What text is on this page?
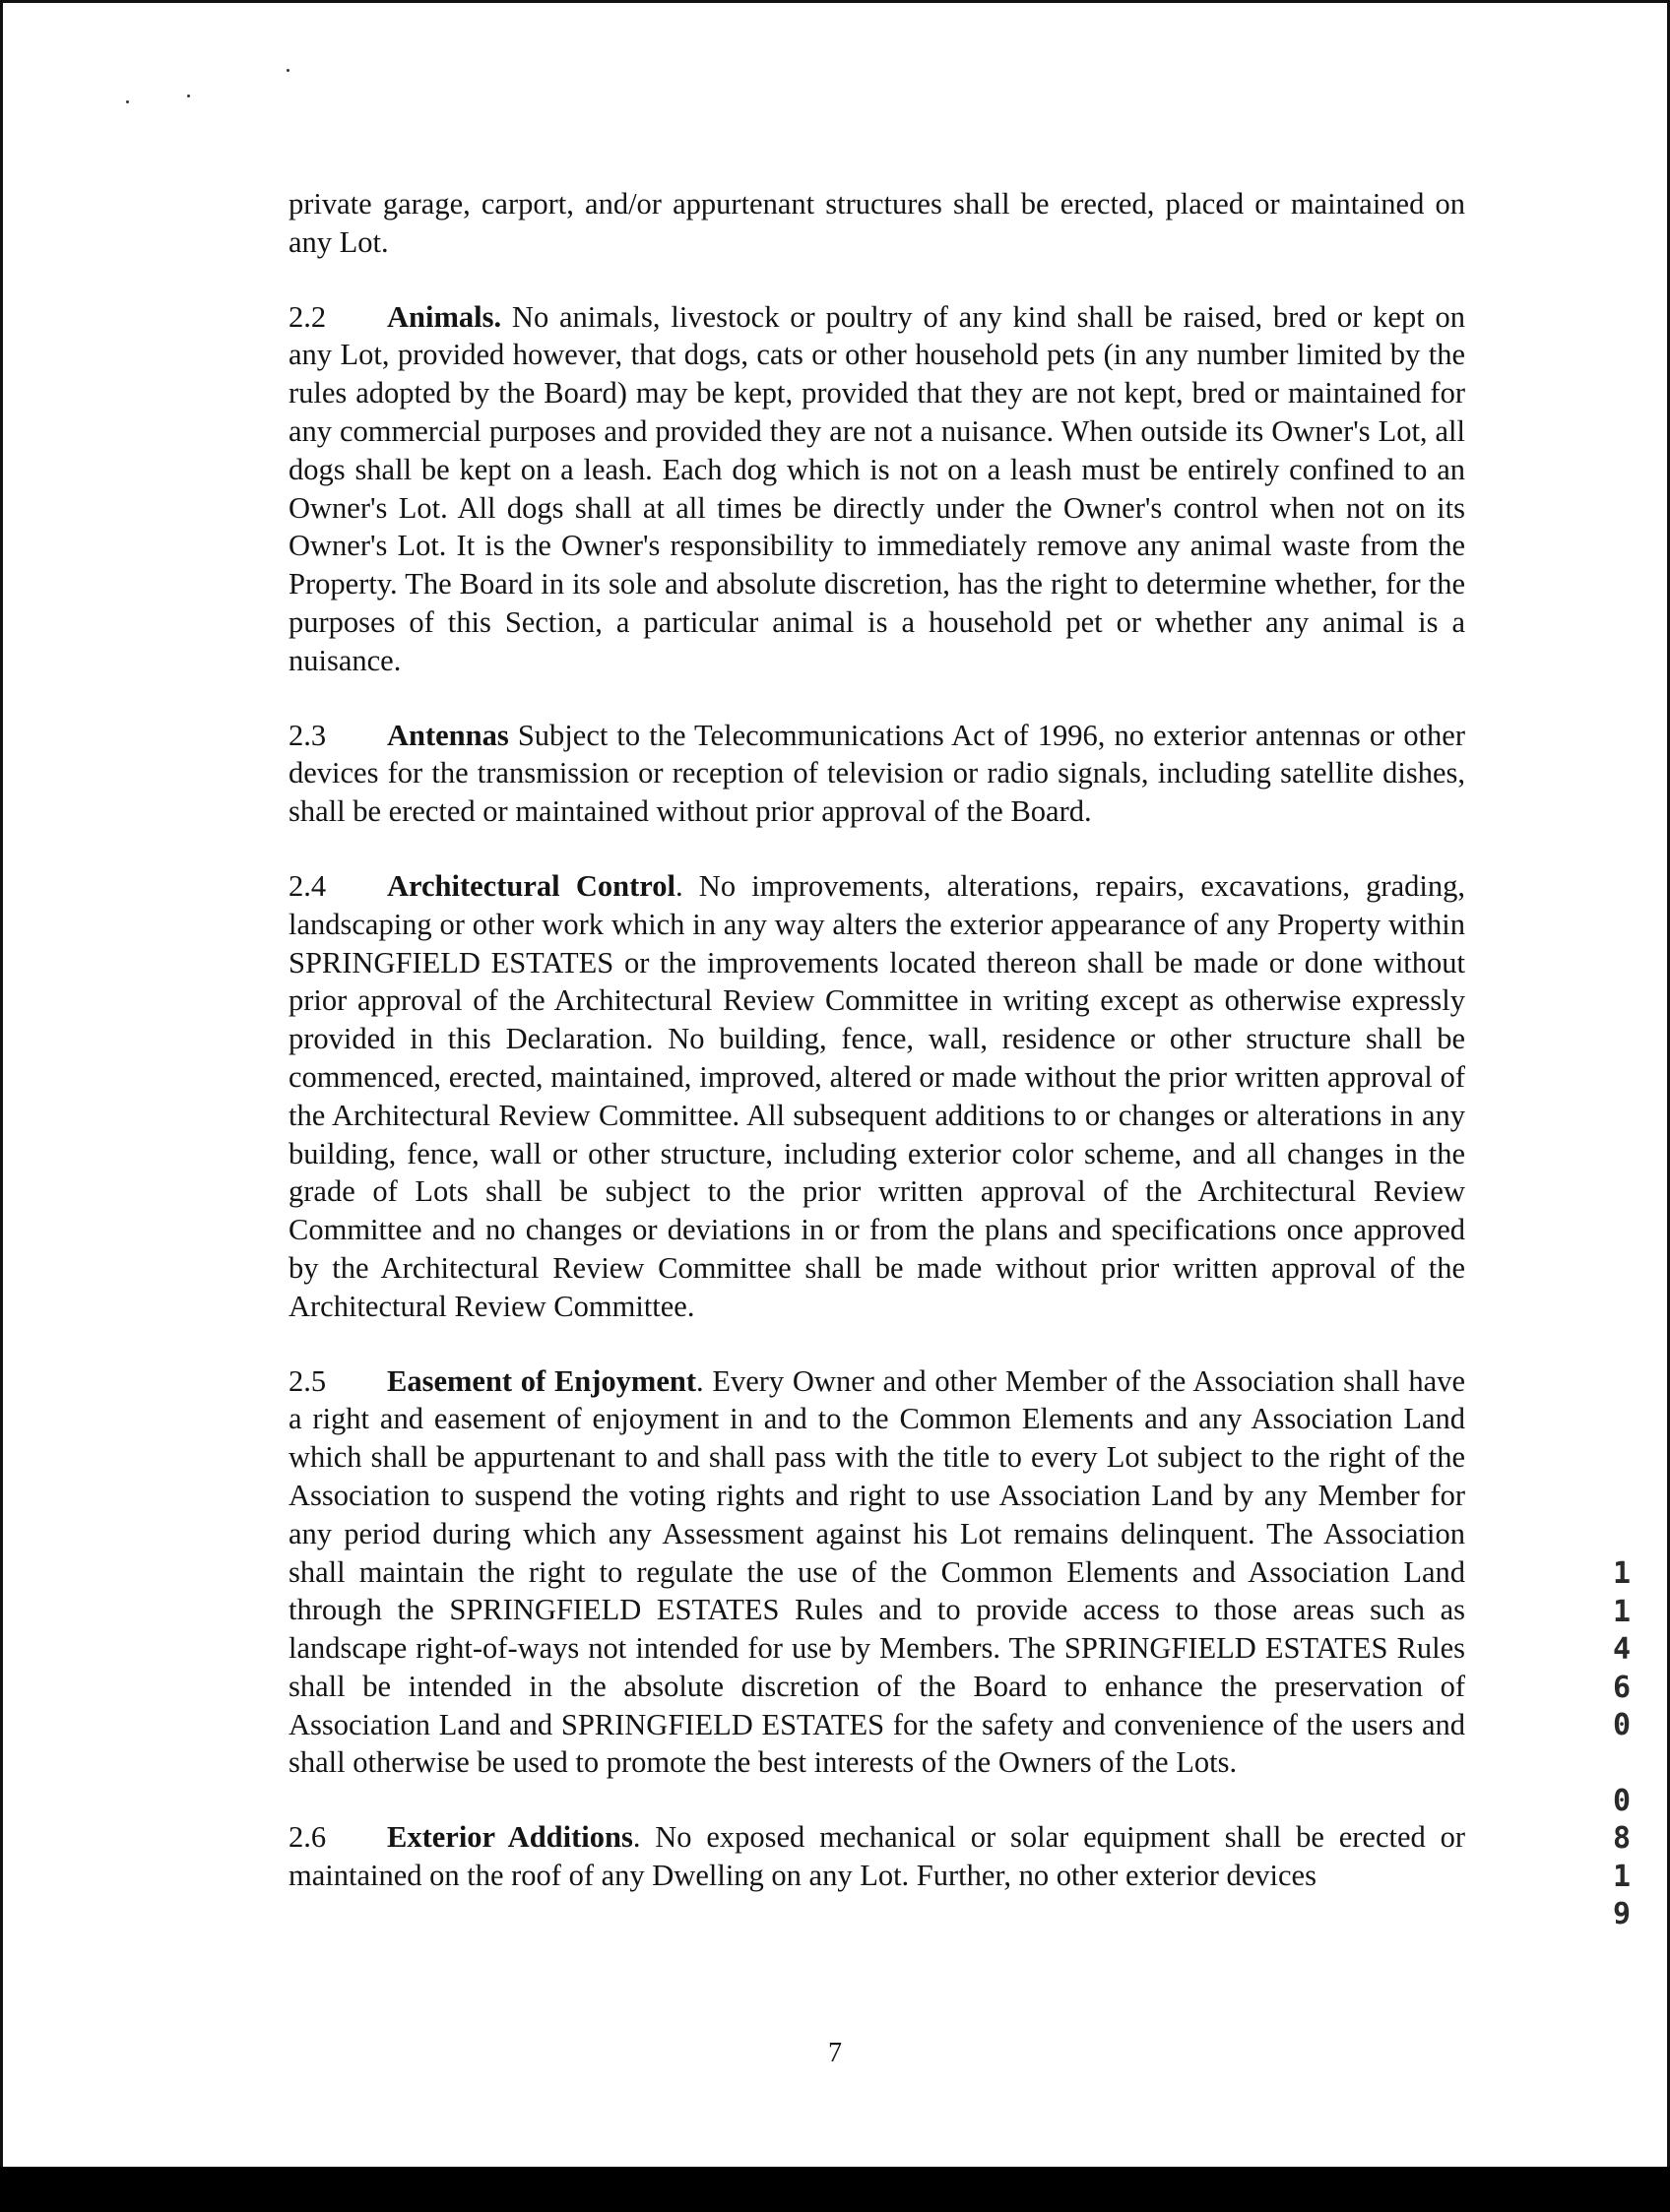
private garage, carport, and/or appurtenant structures shall be erected, placed or maintained on any Lot.

2.2 Animals. No animals, livestock or poultry of any kind shall be raised, bred or kept on any Lot, provided however, that dogs, cats or other household pets (in any number limited by the rules adopted by the Board) may be kept, provided that they are not kept, bred or maintained for any commercial purposes and provided they are not a nuisance. When outside its Owner's Lot, all dogs shall be kept on a leash. Each dog which is not on a leash must be entirely confined to an Owner's Lot. All dogs shall at all times be directly under the Owner's control when not on its Owner's Lot. It is the Owner's responsibility to immediately remove any animal waste from the Property. The Board in its sole and absolute discretion, has the right to determine whether, for the purposes of this Section, a particular animal is a household pet or whether any animal is a nuisance.

2.3 Antennas Subject to the Telecommunications Act of 1996, no exterior antennas or other devices for the transmission or reception of television or radio signals, including satellite dishes, shall be erected or maintained without prior approval of the Board.

2.4 Architectural Control. No improvements, alterations, repairs, excavations, grading, landscaping or other work which in any way alters the exterior appearance of any Property within SPRINGFIELD ESTATES or the improvements located thereon shall be made or done without prior approval of the Architectural Review Committee in writing except as otherwise expressly provided in this Declaration. No building, fence, wall, residence or other structure shall be commenced, erected, maintained, improved, altered or made without the prior written approval of the Architectural Review Committee. All subsequent additions to or changes or alterations in any building, fence, wall or other structure, including exterior color scheme, and all changes in the grade of Lots shall be subject to the prior written approval of the Architectural Review Committee and no changes or deviations in or from the plans and specifications once approved by the Architectural Review Committee shall be made without prior written approval of the Architectural Review Committee.

2.5 Easement of Enjoyment. Every Owner and other Member of the Association shall have a right and easement of enjoyment in and to the Common Elements and any Association Land which shall be appurtenant to and shall pass with the title to every Lot subject to the right of the Association to suspend the voting rights and right to use Association Land by any Member for any period during which any Assessment against his Lot remains delinquent. The Association shall maintain the right to regulate the use of the Common Elements and Association Land through the SPRINGFIELD ESTATES Rules and to provide access to those areas such as landscape right-of-ways not intended for use by Members. The SPRINGFIELD ESTATES Rules shall be intended in the absolute discretion of the Board to enhance the preservation of Association Land and SPRINGFIELD ESTATES for the safety and convenience of the users and shall otherwise be used to promote the best interests of the Owners of the Lots.

2.6 Exterior Additions. No exposed mechanical or solar equipment shall be erected or maintained on the roof of any Dwelling on any Lot. Further, no other exterior devices

1
1
4
6
0
0
8
1
9
7
